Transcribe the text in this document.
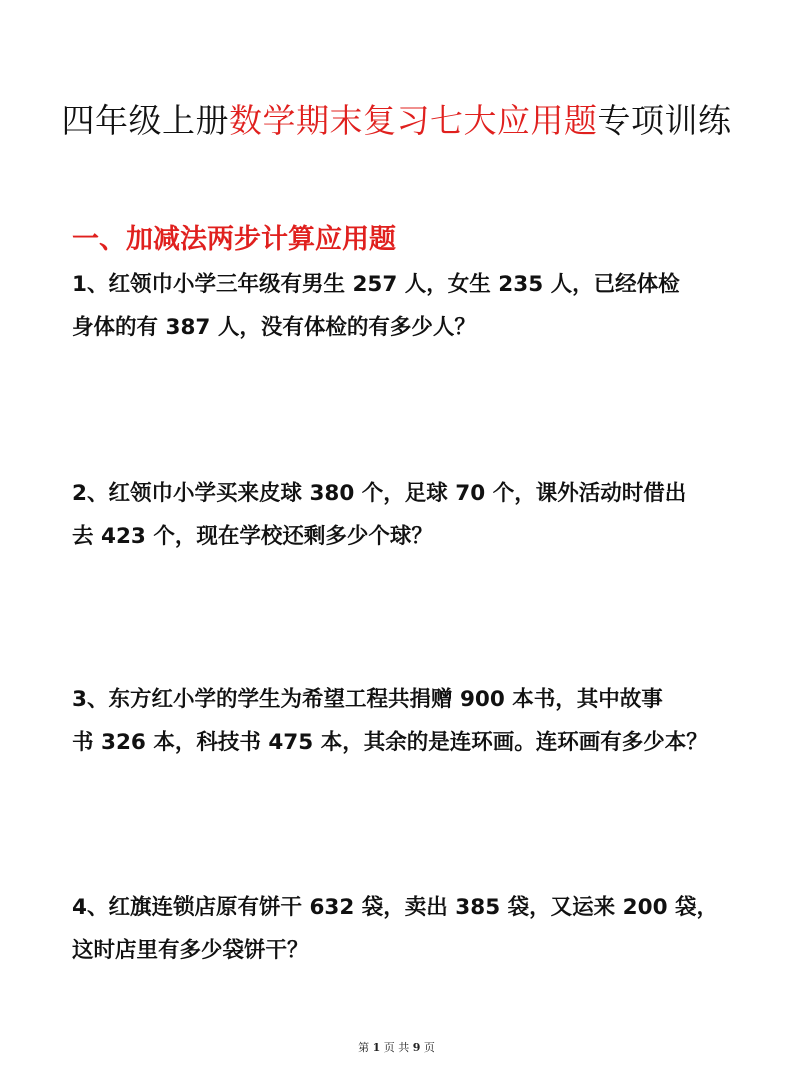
四年级上册数学期末复习七大应用题专项训练
一、加减法两步计算应用题
1、红领巾小学三年级有男生 257 人，女生 235 人，已经体检
身体的有 387 人，没有体检的有多少人？
2、红领巾小学买来皮球 380 个，足球 70 个，课外活动时借出
去 423 个，现在学校还剩多少个球？
3、东方红小学的学生为希望工程共捐赠 900 本书，其中故事
书 326 本，科技书 475 本，其余的是连环画。连环画有多少本？
4、红旗连锁店原有饼干 632 袋，卖出 385 袋，又运来 200 袋，
这时店里有多少袋饼干？
第 1 页 共 9 页
